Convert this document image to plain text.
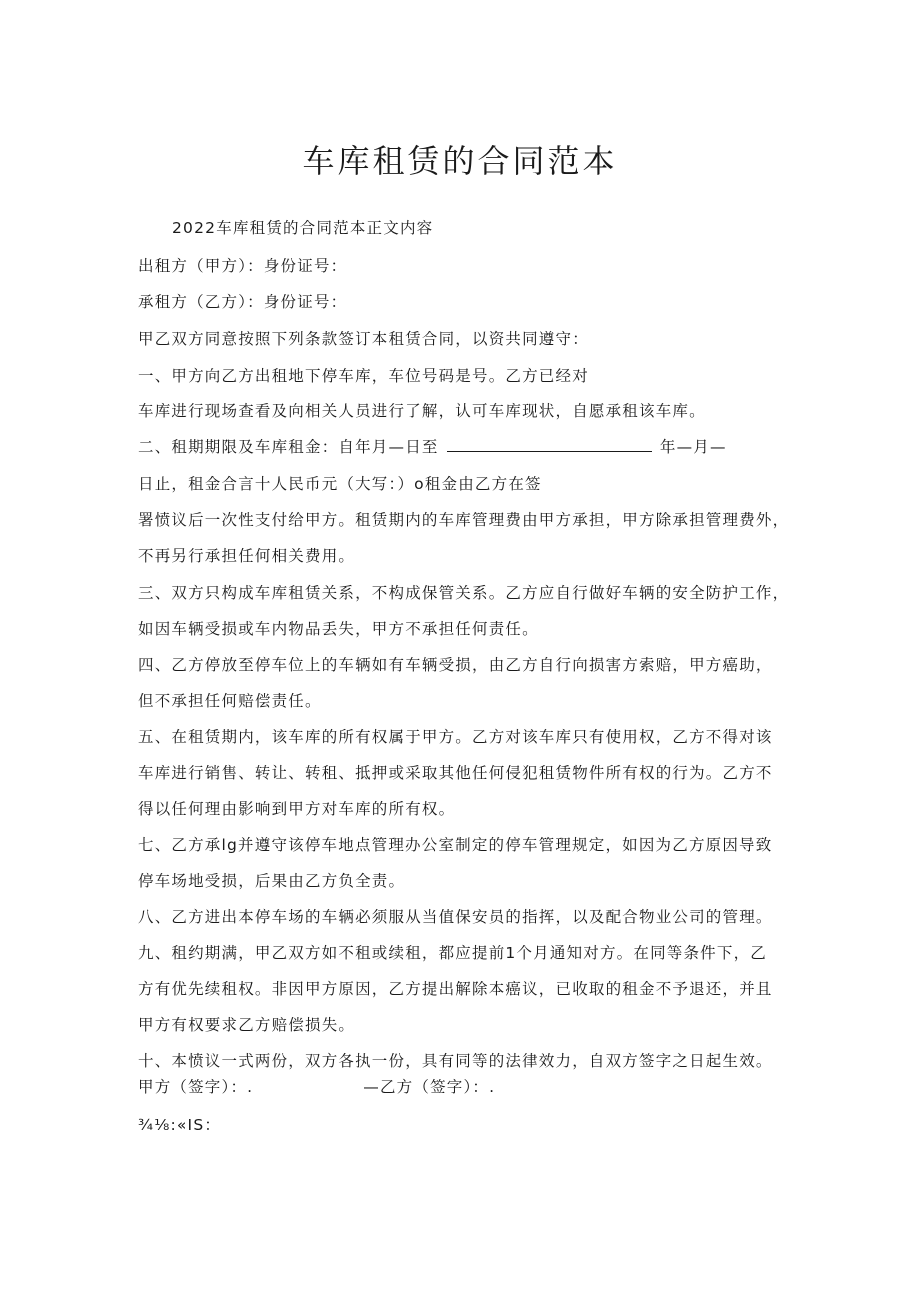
车库租赁的合同范本
2022车库租赁的合同范本正文内容
出租方（甲方）：身份证号：
承租方（乙方）：身份证号：
甲乙双方同意按照下列条款签订本租赁合同，以资共同遵守：
一、甲方向乙方出租地下停车库，车位号码是号。乙方已经对
车库进行现场查看及向相关人员进行了解，认可车库现状，自愿承租该车库。
二、租期期限及车库租金：自年月—日至	年—月—
日止，租金合言十人民币元（大写：）o租金由乙方在签
署愤议后一次性支付给甲方。租赁期内的车库管理费由甲方承担，甲方除承担管理费外，
不再另行承担任何相关费用。
三、双方只构成车库租赁关系，不构成保管关系。乙方应自行做好车辆的安全防护工作，
如因车辆受损或车内物品丢失，甲方不承担任何责任。
四、乙方停放至停车位上的车辆如有车辆受损，由乙方自行向损害方索赔，甲方癌助，
但不承担任何赔偿责任。
五、在租赁期内，该车库的所有权属于甲方。乙方对该车库只有使用权，乙方不得对该
车库进行销售、转让、转租、抵押或采取其他任何侵犯租赁物件所有权的行为。乙方不
得以任何理由影响到甲方对车库的所有权。
七、乙方承lg并遵守该停车地点管理办公室制定的停车管理规定，如因为乙方原因导致
停车场地受损，后果由乙方负全责。
八、乙方进出本停车场的车辆必须服从当值保安员的指挥，以及配合物业公司的管理。
九、租约期满，甲乙双方如不租或续租，都应提前1个月通知对方。在同等条件下，乙
方有优先续租权。非因甲方原因，乙方提出解除本癌议，已收取的租金不予退还，并且
甲方有权要求乙方赔偿损失。
十、本愤议一式两份，双方各执一份，具有同等的法律效力，自双方签字之日起生效。
甲方（签字）：.	—乙方（签字）：.
¾⅛:«IS：
